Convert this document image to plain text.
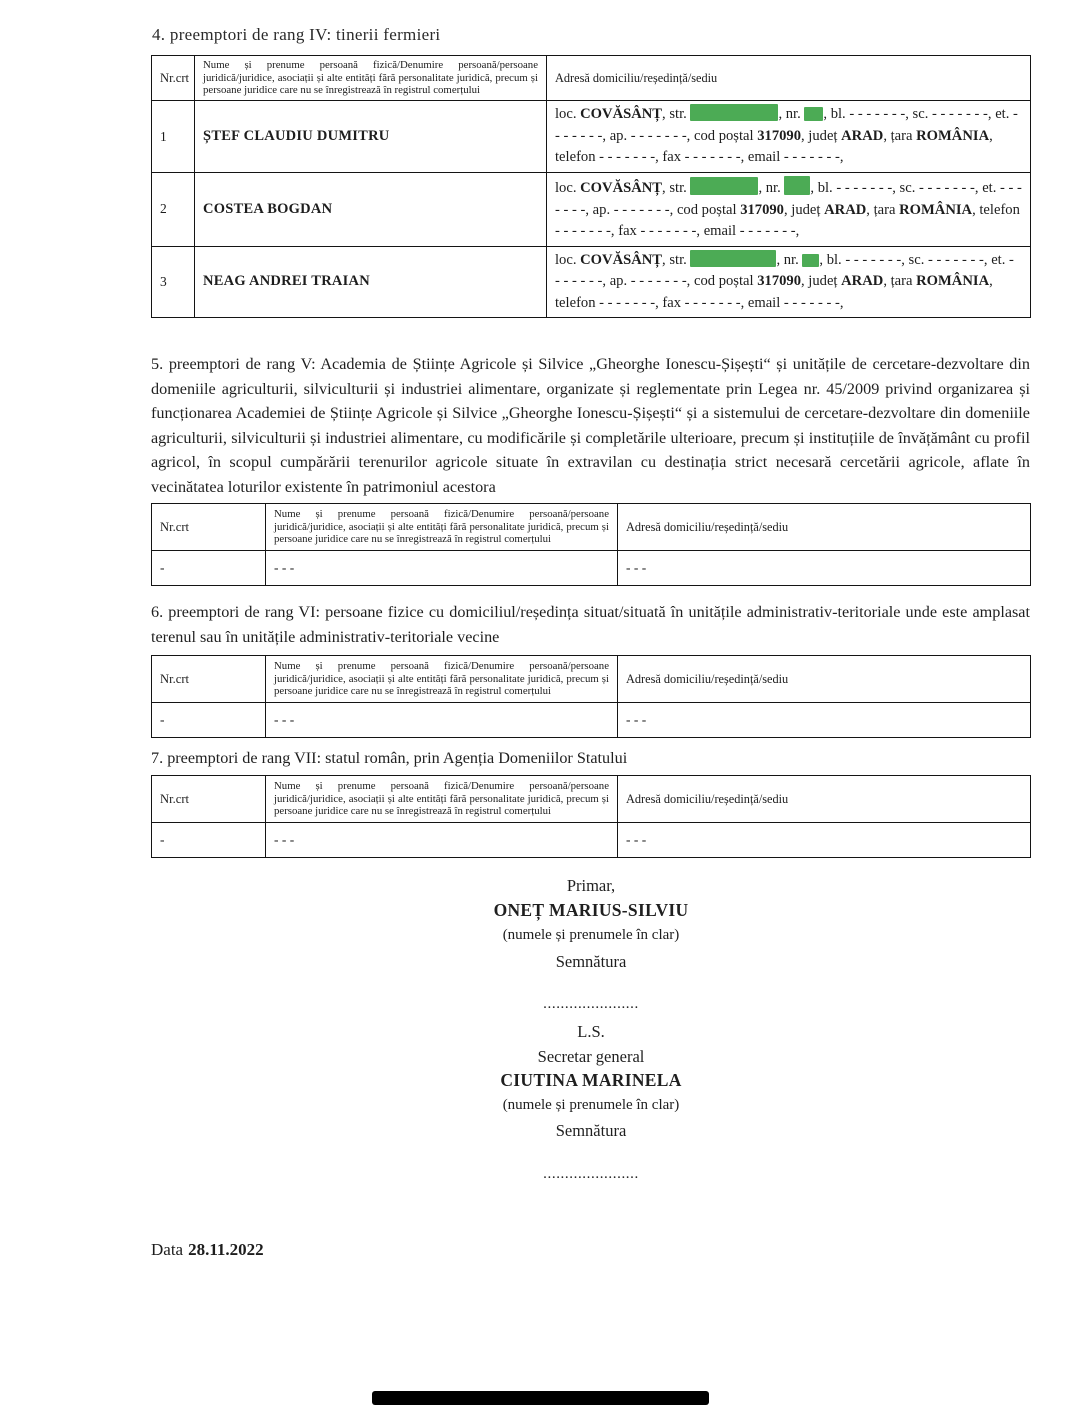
4. preemptori de rang IV: tinerii fermieri
Nr.crt	Nume și prenume persoană fizică/Denumire persoană/persoane juridică/juridice, asociații și alte entități fără personalitate juridică, precum și persoane juridice care nu se înregistrează în registrul comerțului	Adresă domiciliu/reședință/sediu
1	ȘTEF CLAUDIU DUMITRU	loc. COVĂSÂNȚ, str. , nr. , bl. - - - - - - -, sc. - - - - - - -, et. - - - - - - -, ap. - - - - - - -, cod poștal 317090, județ ARAD, țara ROMÂNIA, telefon - - - - - - -, fax - - - - - - -, email - - - - - - -,
2	COSTEA BOGDAN	loc. COVĂSÂNȚ, str. , nr. , bl. - - - - - - -, sc. - - - - - - -, et. - - - - - - -, ap. - - - - - - -, cod poștal 317090, județ ARAD, țara ROMÂNIA, telefon - - - - - - -, fax - - - - - - -, email - - - - - - -,
3	NEAG ANDREI TRAIAN	loc. COVĂSÂNȚ, str. , nr. , bl. - - - - - - -, sc. - - - - - - -, et. - - - - - - -, ap. - - - - - - -, cod poștal 317090, județ ARAD, țara ROMÂNIA, telefon - - - - - - -, fax - - - - - - -, email - - - - - - -,
5. preemptori de rang V: Academia de Științe Agricole și Silvice „Gheorghe Ionescu-Șișești“ și unitățile de cercetare-dezvoltare din domeniile agriculturii, silviculturii și industriei alimentare, organizate și reglementate prin Legea nr. 45/2009 privind organizarea și funcționarea Academiei de Științe Agricole și Silvice „Gheorghe Ionescu-Șișești“ și a sistemului de cercetare-dezvoltare din domeniile agriculturii, silviculturii și industriei alimentare, cu modificările și completările ulterioare, precum și instituțiile de învățământ cu profil agricol, în scopul cumpărării terenurilor agricole situate în extravilan cu destinația strict necesară cercetării agricole, aflate în vecinătatea loturilor existente în patrimoniul acestora
Nr.crt	Nume și prenume persoană fizică/Denumire persoană/persoane juridică/juridice, asociații și alte entități fără personalitate juridică, precum și persoane juridice care nu se înregistrează în registrul comerțului	Adresă domiciliu/reședință/sediu
-	- - -	- - -
6. preemptori de rang VI: persoane fizice cu domiciliul/reședința situat/situată în unitățile administrativ-teritoriale unde este amplasat terenul sau în unitățile administrativ-teritoriale vecine
Nr.crt	Nume și prenume persoană fizică/Denumire persoană/persoane juridică/juridice, asociații și alte entități fără personalitate juridică, precum și persoane juridice care nu se înregistrează în registrul comerțului	Adresă domiciliu/reședință/sediu
-	- - -	- - -
7. preemptori de rang VII: statul român, prin Agenția Domeniilor Statului
Nr.crt	Nume și prenume persoană fizică/Denumire persoană/persoane juridică/juridice, asociații și alte entități fără personalitate juridică, precum și persoane juridice care nu se înregistrează în registrul comerțului	Adresă domiciliu/reședință/sediu
-	- - -	- - -
Primar,
ONEȚ MARIUS-SILVIU
(numele și prenumele în clar)
Semnătura
......................
L.S.
Secretar general
CIUTINA MARINELA
(numele și prenumele în clar)
Semnătura
......................
Data 28.11.2022
